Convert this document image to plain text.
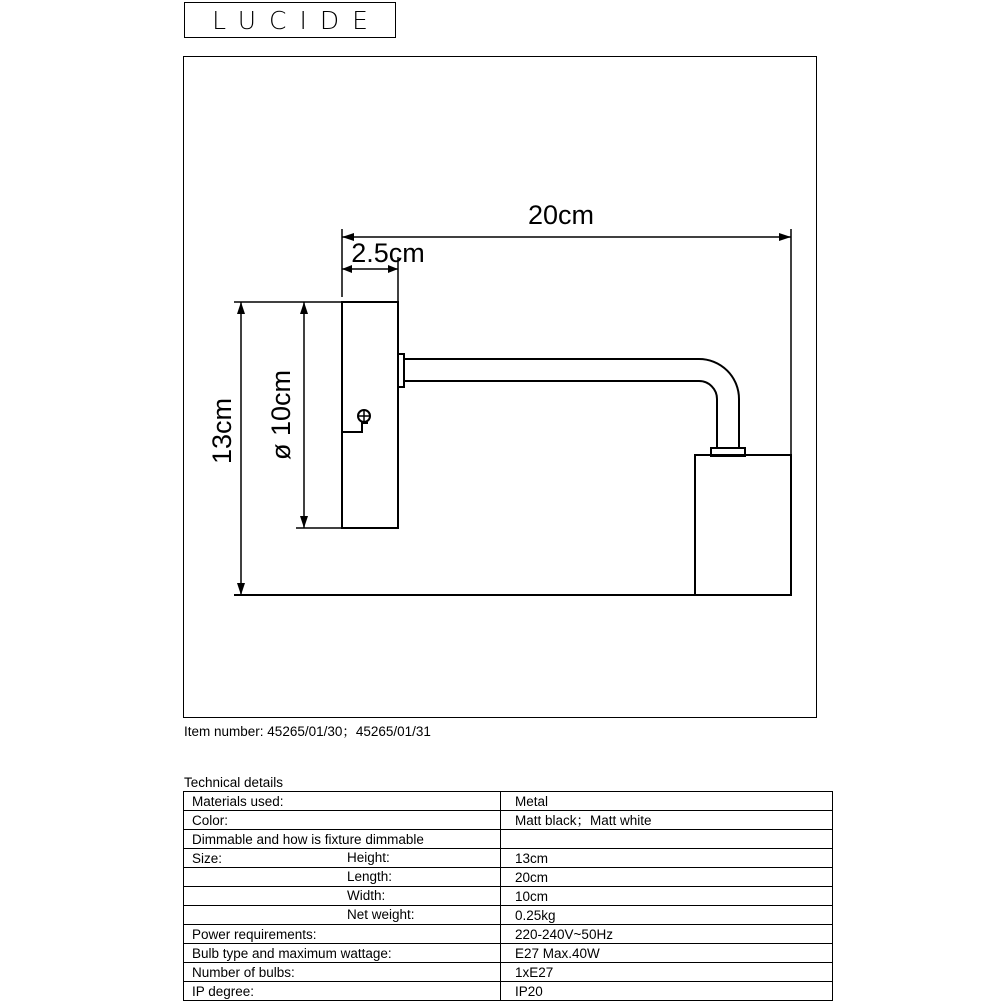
LUCIDE
20cm
2.5cm
13cm ø 10cm
Item number: 45265/01/30；45265/01/31
Technical details
Materials used:	Metal
Color:	Matt black；Matt white
Dimmable and how is fixture dimmable	
Size: Height:	13cm

Length:	20cm

Width:	10cm

Net weight:	0.25kg
Power requirements:	220-240V~50Hz
Bulb type and maximum wattage:	E27 Max.40W
Number of bulbs:	1xE27
IP degree:	IP20
